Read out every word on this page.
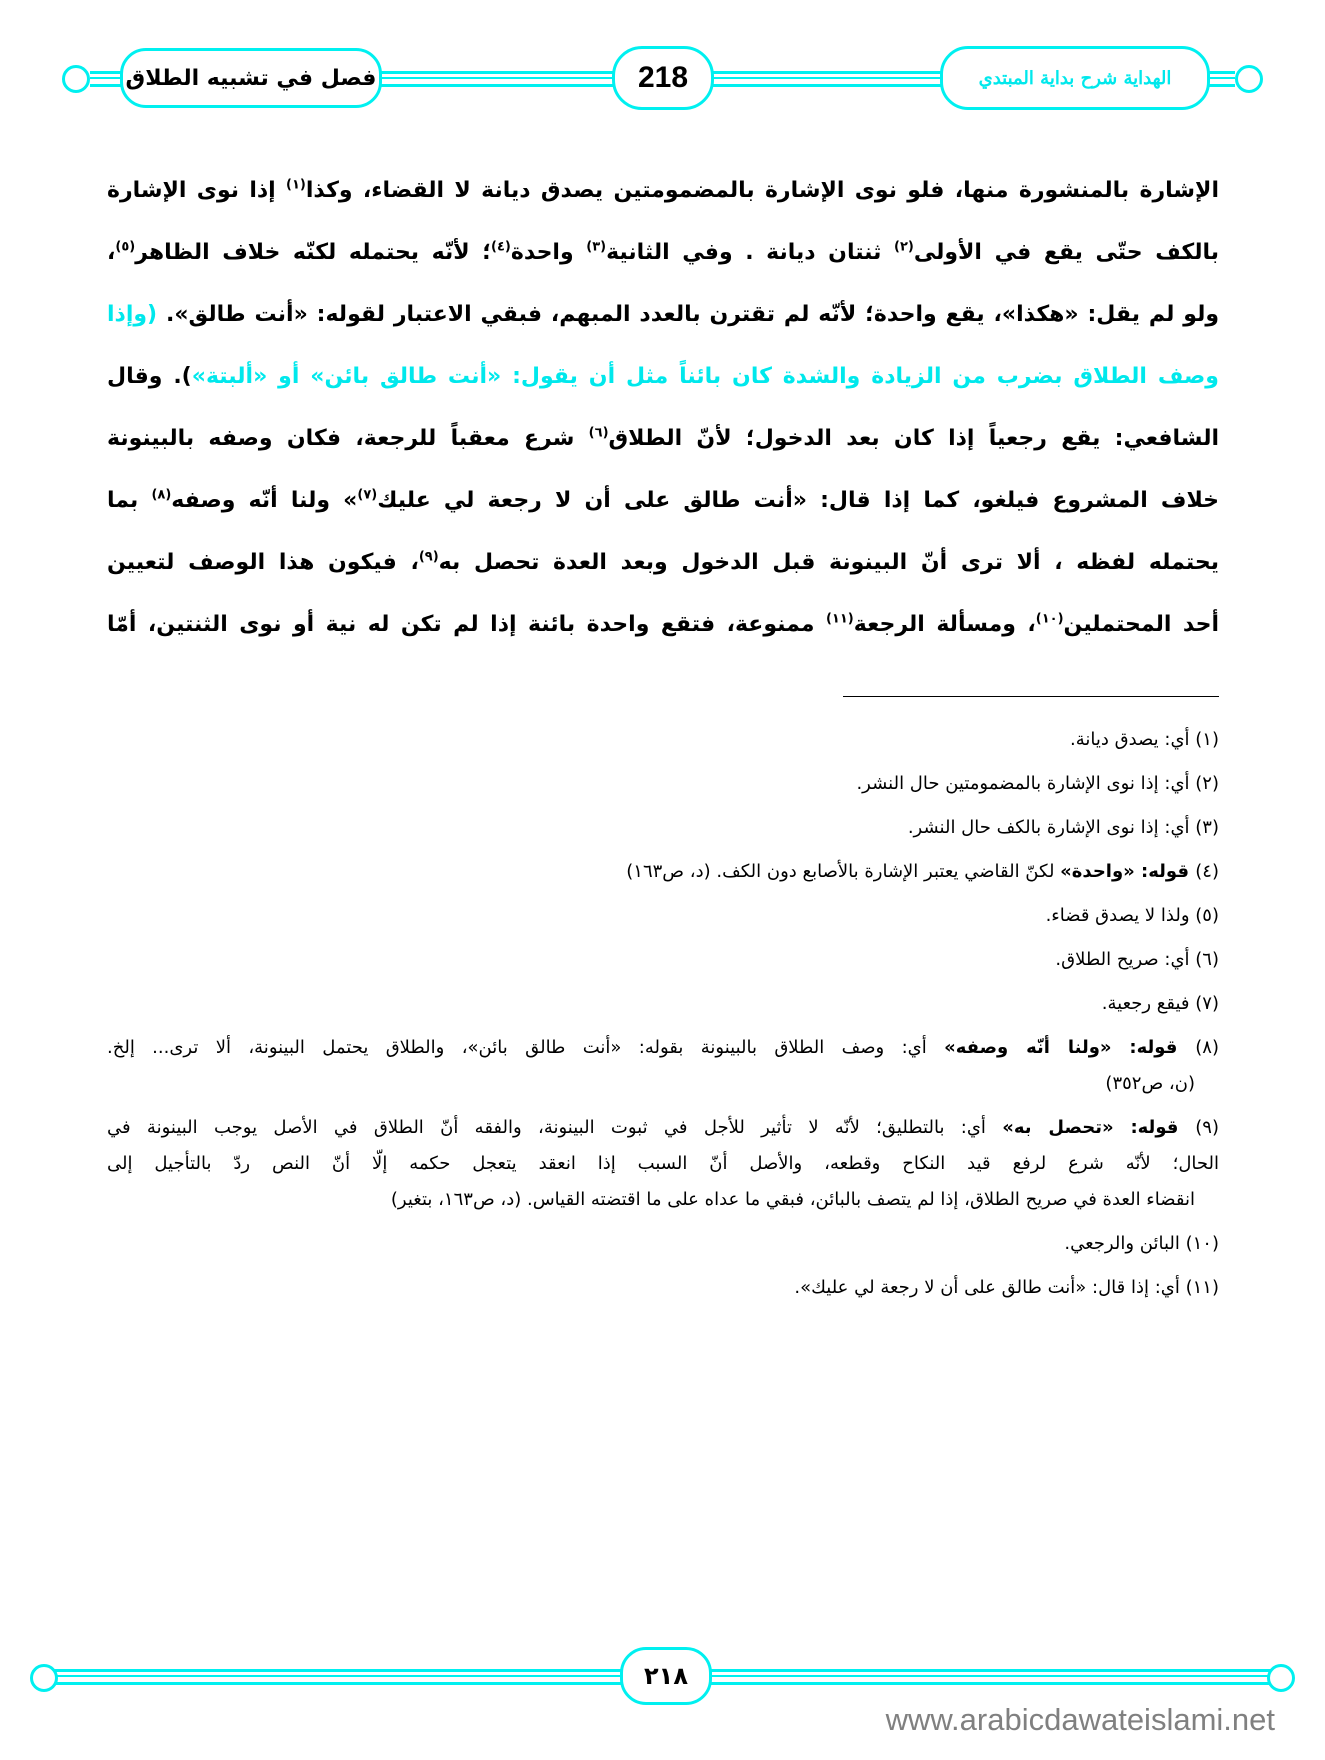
فصل في تشبيه الطلاق	218	الهداية شرح بداية المبتدي
الإشارة بالمنشورة منها، فلو نوى الإشارة بالمضمومتين يصدق ديانة لا القضاء، وكذا$^{(١)}$ إذا نوى الإشارة
بالكف حتّى يقع في الأولى$^{(٢)}$ ثنتان ديانة . وفي الثانية$^{(٣)}$ واحدة$^{(٤)}$؛ لأنّه يحتمله لكنّه خلاف الظاهر$^{(٥)}$،
ولو لم يقل: «هكذا»، يقع واحدة؛ لأنّه لم تقترن بالعدد المبهم، فبقي الاعتبار لقوله: «أنت طالق». (وإذا
وصف الطلاق بضرب من الزيادة والشدة كان بائناً مثل أن يقول: «أنت طالق بائن» أو «ألبتة»). وقال
الشافعي: يقع رجعياً إذا كان بعد الدخول؛ لأنّ الطلاق$^{(٦)}$ شرع معقباً للرجعة، فكان وصفه بالبينونة
خلاف المشروع فيلغو، كما إذا قال: «أنت طالق على أن لا رجعة لي عليك$^{(٧)}$» ولنا أنّه وصفه$^{(٨)}$ بما
يحتمله لفظه ، ألا ترى أنّ البينونة قبل الدخول وبعد العدة تحصل به$^{(٩)}$، فيكون هذا الوصف لتعيين
أحد المحتملين$^{(١٠)}$، ومسألة الرجعة$^{(١١)}$ ممنوعة، فتقع واحدة بائنة إذا لم تكن له نية أو نوى الثنتين، أمّا
(١) أي: يصدق ديانة.
(٢) أي: إذا نوى الإشارة بالمضمومتين حال النشر.
(٣) أي: إذا نوى الإشارة بالكف حال النشر.
(٤) قوله: «واحدة» لكنّ القاضي يعتبر الإشارة بالأصابع دون الكف. (د، ص١٦٣)
(٥) ولذا لا يصدق قضاء.
(٦) أي: صريح الطلاق.
(٧) فيقع رجعية.
(٨) قوله: «ولنا أنّه وصفه» أي: وصف الطلاق بالبينونة بقوله: «أنت طالق بائن»، والطلاق يحتمل البينونة، ألا ترى... إلخ.
(ن، ص٣٥٢)
(٩) قوله: «تحصل به» أي: بالتطليق؛ لأنّه لا تأثير للأجل في ثبوت البينونة، والفقه أنّ الطلاق في الأصل يوجب البينونة في
الحال؛ لأنّه شرع لرفع قيد النكاح وقطعه، والأصل أنّ السبب إذا انعقد يتعجل حكمه إلّا أنّ النص ردّ بالتأجيل إلى
انقضاء العدة في صريح الطلاق، إذا لم يتصف بالبائن، فبقي ما عداه على ما اقتضته القياس. (د، ص١٦٣، بتغير)
(١٠) البائن والرجعي.
(١١) أي: إذا قال: «أنت طالق على أن لا رجعة لي عليك».
٢١٨
www.arabicdawateislami.net
